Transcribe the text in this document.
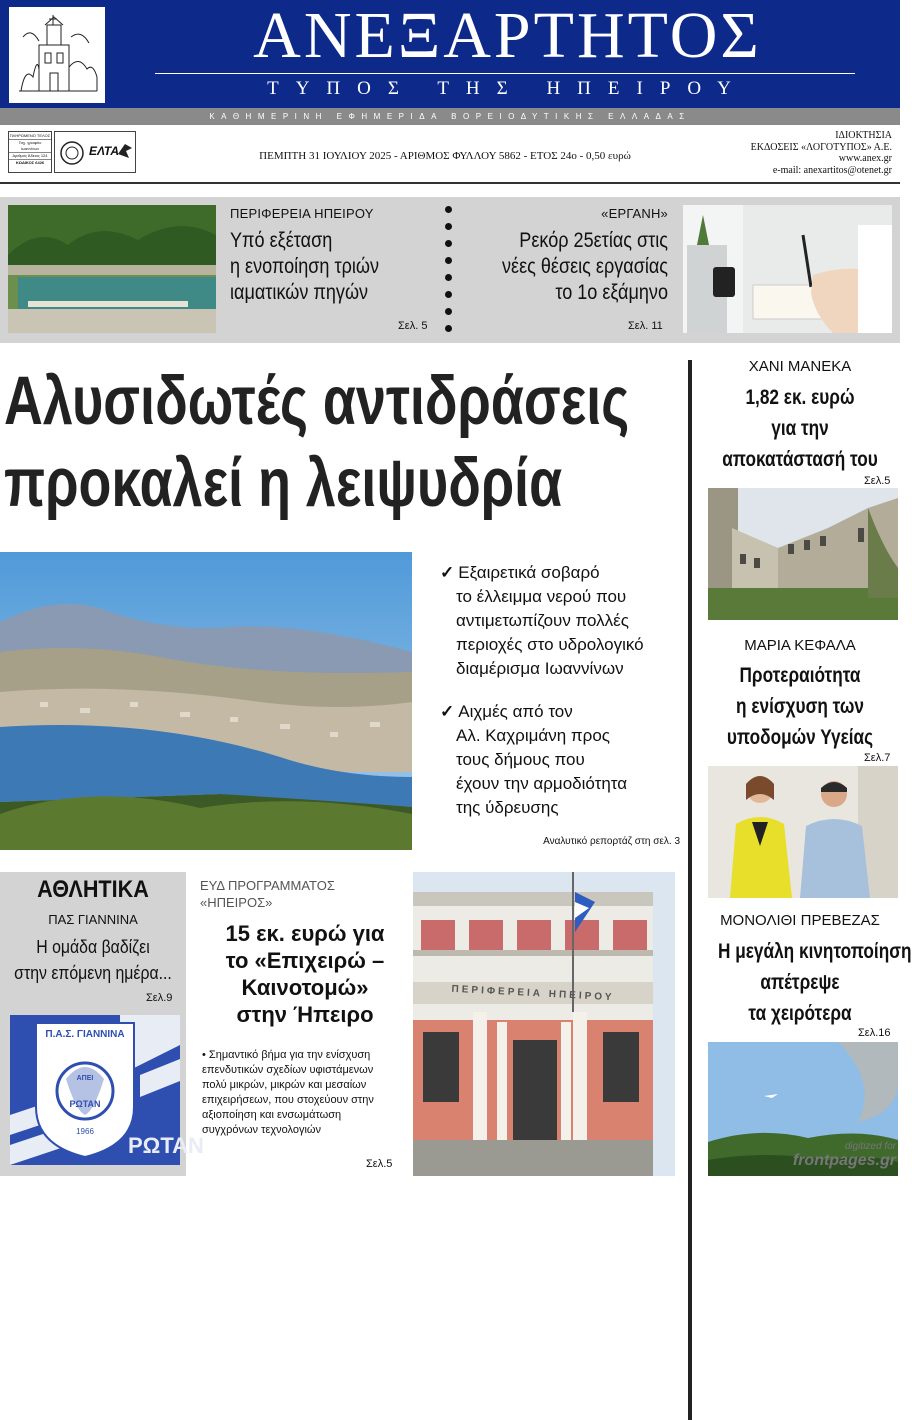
ΑΝΕΞΑΡΤΗΤΟΣ
ΤΥΠΟΣ ΤΗΣ ΗΠΕΙΡΟΥ
ΚΑΘΗΜΕΡΙΝΗ ΕΦΗΜΕΡΙΔΑ ΒΟΡΕΙΟΔΥΤΙΚΗΣ ΕΛΛΑΔΑΣ
ΠΛΗΡΩΜΕΝΟ ΤΕΛΟΣ
Ταχ. γραφείο Ιωαννίνων
Αριθμός Άδειας 124
ΚΩΔΙΚΟΣ 6426
ΕΛΤΑ	ΠΕΜΠΤΗ 31 ΙΟΥΛΙΟΥ 2025 - ΑΡΙΘΜΟΣ ΦΥΛΛΟΥ 5862 - ΕΤΟΣ 24ο - 0,50 ευρώ
ΙΔΙΟΚΤΗΣΙΑ
ΕΚΔΟΣΕΙΣ «ΛΟΓΟΤΥΠΟΣ» Α.Ε.
www.anex.gr
e-mail: anexartitos@otenet.gr
ΠΕΡΙΦΕΡΕΙΑ ΗΠΕΙΡΟΥ
Υπό εξέταση
η ενοποίηση τριών
ιαματικών πηγών
Σελ. 5
«ΕΡΓΑΝΗ»
Ρεκόρ 25ετίας στις
νέες θέσεις εργασίας
το 1ο εξάμηνο
Σελ. 11
Αλυσιδωτές αντιδράσεις
προκαλεί η λειψυδρία
✓ Εξαιρετικά σοβαρό
το έλλειμμα νερού που
αντιμετωπίζουν πολλές
περιοχές στο υδρολογικό
διαμέρισμα Ιωαννίνων
✓ Αιχμές από τον
Αλ. Καχριμάνη προς
τους δήμους που
έχουν την αρμοδιότητα
της ύδρευσης
Αναλυτικό ρεπορτάζ στη σελ. 3
ΧΑΝΙ ΜΑΝΕΚΑ
1,82 εκ. ευρώ
για την
αποκατάστασή του
Σελ.5
ΜΑΡΙΑ ΚΕΦΑΛΑ
Προτεραιότητα
η ενίσχυση των
υποδομών Υγείας
Σελ.7
ΜΟΝΟΛΙΘΙ ΠΡΕΒΕΖΑΣ
Η μεγάλη κινητοποίηση
απέτρεψε
τα χειρότερα
Σελ.16
ΑΘΛΗΤΙΚΑ
ΠΑΣ ΓΙΑΝΝΙΝΑ
Η ομάδα βαδίζει
στην επόμενη ημέρα...
Σελ.9
Π.Α.Σ. ΓΙΑΝΝΙΝΑ
ΑΠΕΙ
ΡΩΤΑΝ
1966
ΡΩΤΑΝ
ΕΥΔ ΠΡΟΓΡΑΜΜΑΤΟΣ
«ΗΠΕΙΡΟΣ»
15 εκ. ευρώ για
το «Επιχειρώ –
Καινοτομώ»
στην Ήπειρο
• Σημαντικό βήμα για την ενίσχυση
επενδυτικών σχεδίων υφιστάμενων
πολύ μικρών, μικρών και μεσαίων
επιχειρήσεων, που στοχεύουν στην
αξιοποίηση και ενσωμάτωση
συγχρόνων τεχνολογιών
Σελ.5
ΠΕΡΙΦΕΡΕΙΑ ΗΠΕΙΡΟΥ
digitized for
frontpages.gr
